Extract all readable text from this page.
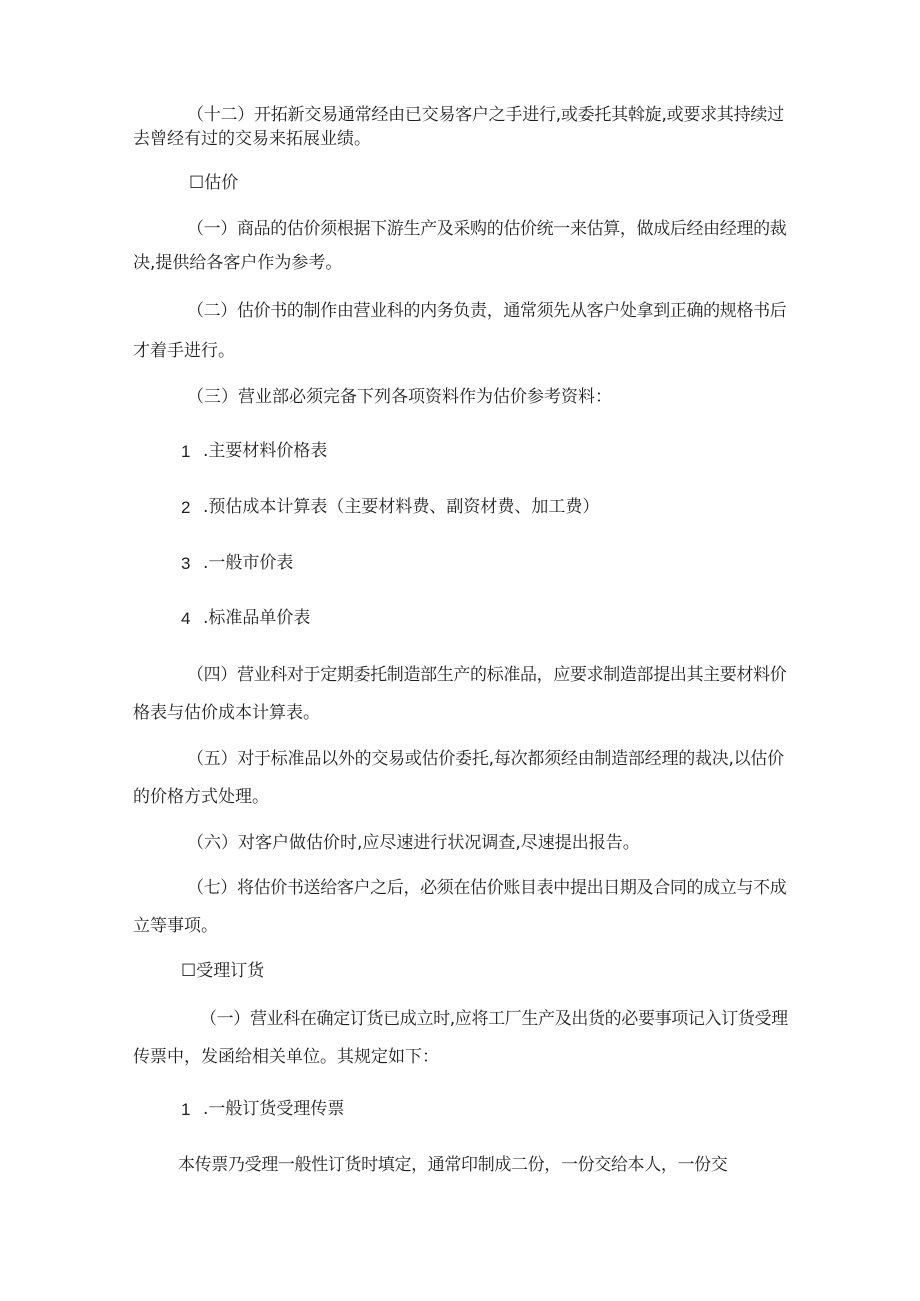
（十二）开拓新交易通常经由已交易客户之手进行,或委托其斡旋,或要求其持续过
去曾经有过的交易来拓展业绩。
☐估价
（一）商品的估价须根据下游生产及采购的估价统一来估算，做成后经由经理的裁
决,提供给各客户作为参考。
（二）估价书的制作由营业科的内务负责，通常须先从客户处拿到正确的规格书后
才着手进行。
（三）营业部必须完备下列各项资料作为估价参考资料：
1 .主要材料价格表
2 .预估成本计算表（主要材料费、副资材费、加工费）
3 .一般市价表
4 .标准品单价表
（四）营业科对于定期委托制造部生产的标准品，应要求制造部提出其主要材料价
格表与估价成本计算表。
（五）对于标准品以外的交易或估价委托,每次都须经由制造部经理的裁决,以估价
的价格方式处理。
（六）对客户做估价时,应尽速进行状况调查,尽速提出报告。
（七）将估价书送给客户之后，必须在估价账目表中提出日期及合同的成立与不成
立等事项。
☐受理订货
（一）营业科在确定订货已成立时,应将工厂生产及出货的必要事项记入订货受理
传票中，发函给相关单位。其规定如下：
1 .一般订货受理传票
本传票乃受理一般性订货时填定，通常印制成二份，一份交给本人，一份交
